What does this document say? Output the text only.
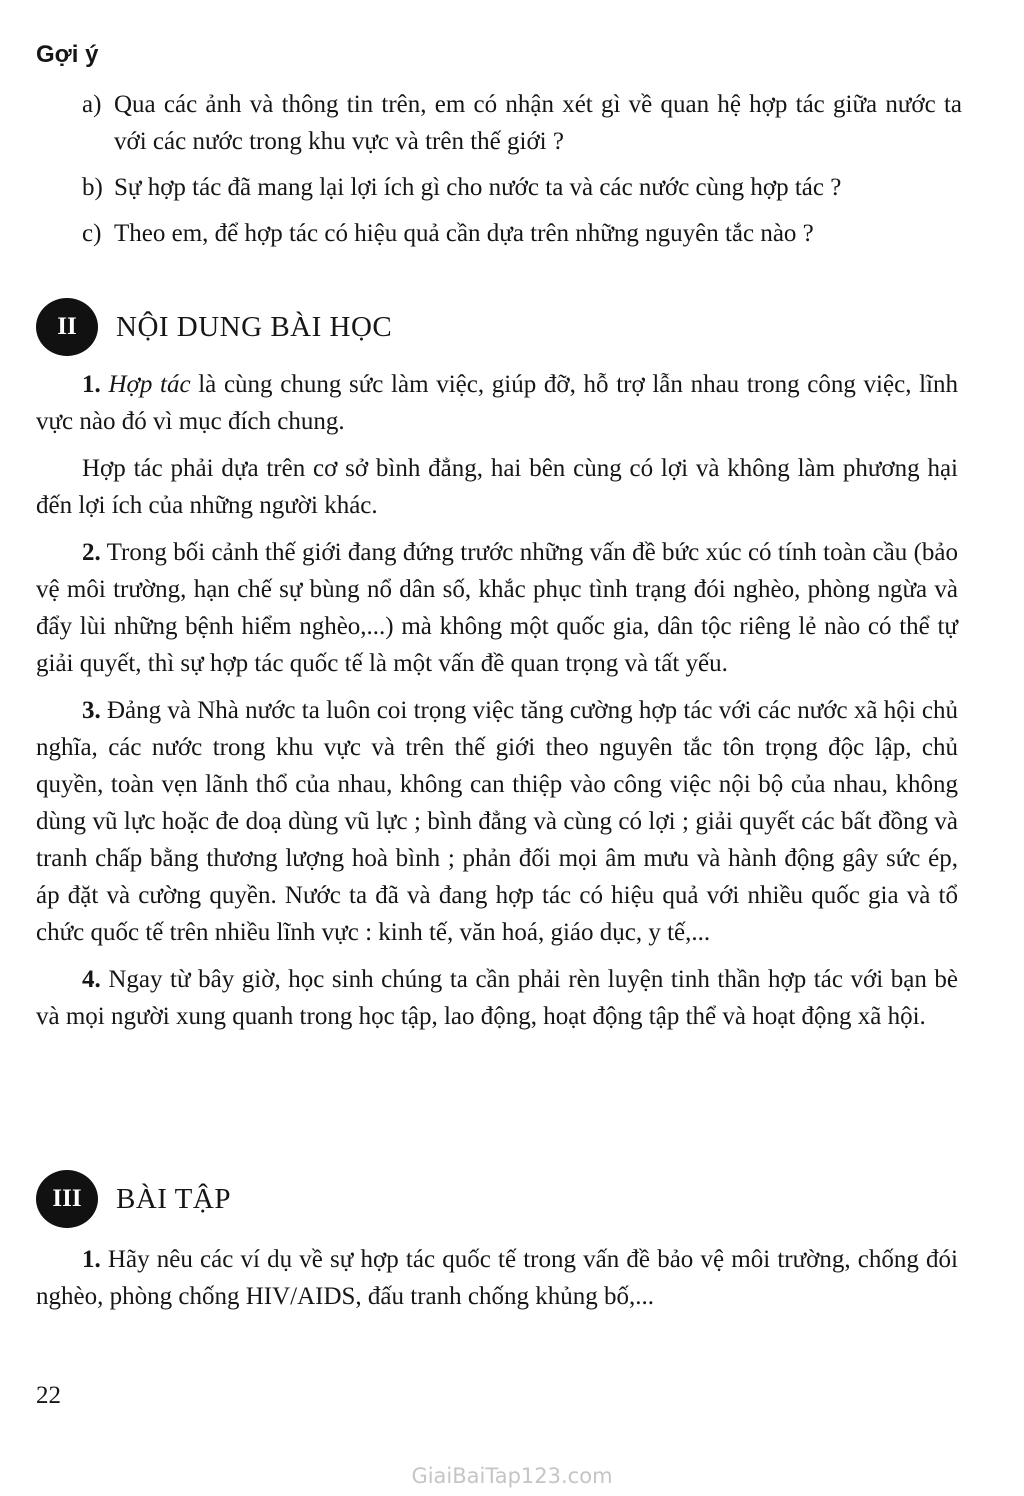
Gợi ý
a) Qua các ảnh và thông tin trên, em có nhận xét gì về quan hệ hợp tác giữa nước ta với các nước trong khu vực và trên thế giới ?
b) Sự hợp tác đã mang lại lợi ích gì cho nước ta và các nước cùng hợp tác ?
c) Theo em, để hợp tác có hiệu quả cần dựa trên những nguyên tắc nào ?
II	NỘI DUNG BÀI HỌC

1. Hợp tác là cùng chung sức làm việc, giúp đỡ, hỗ trợ lẫn nhau trong công việc, lĩnh vực nào đó vì mục đích chung.

Hợp tác phải dựa trên cơ sở bình đẳng, hai bên cùng có lợi và không làm phương hại đến lợi ích của những người khác.

2. Trong bối cảnh thế giới đang đứng trước những vấn đề bức xúc có tính toàn cầu (bảo vệ môi trường, hạn chế sự bùng nổ dân số, khắc phục tình trạng đói nghèo, phòng ngừa và đẩy lùi những bệnh hiểm nghèo,...) mà không một quốc gia, dân tộc riêng lẻ nào có thể tự giải quyết, thì sự hợp tác quốc tế là một vấn đề quan trọng và tất yếu.

3. Đảng và Nhà nước ta luôn coi trọng việc tăng cường hợp tác với các nước xã hội chủ nghĩa, các nước trong khu vực và trên thế giới theo nguyên tắc tôn trọng độc lập, chủ quyền, toàn vẹn lãnh thổ của nhau, không can thiệp vào công việc nội bộ của nhau, không dùng vũ lực hoặc đe doạ dùng vũ lực ; bình đẳng và cùng có lợi ; giải quyết các bất đồng và tranh chấp bằng thương lượng hoà bình ; phản đối mọi âm mưu và hành động gây sức ép, áp đặt và cường quyền. Nước ta đã và đang hợp tác có hiệu quả với nhiều quốc gia và tổ chức quốc tế trên nhiều lĩnh vực : kinh tế, văn hoá, giáo dục, y tế,...

4. Ngay từ bây giờ, học sinh chúng ta cần phải rèn luyện tinh thần hợp tác với bạn bè và mọi người xung quanh trong học tập, lao động, hoạt động tập thể và hoạt động xã hội.

III	BÀI TẬP

1. Hãy nêu các ví dụ về sự hợp tác quốc tế trong vấn đề bảo vệ môi trường, chống đói nghèo, phòng chống HIV/AIDS, đấu tranh chống khủng bố,...

22
GiaiBaiTap123.com
